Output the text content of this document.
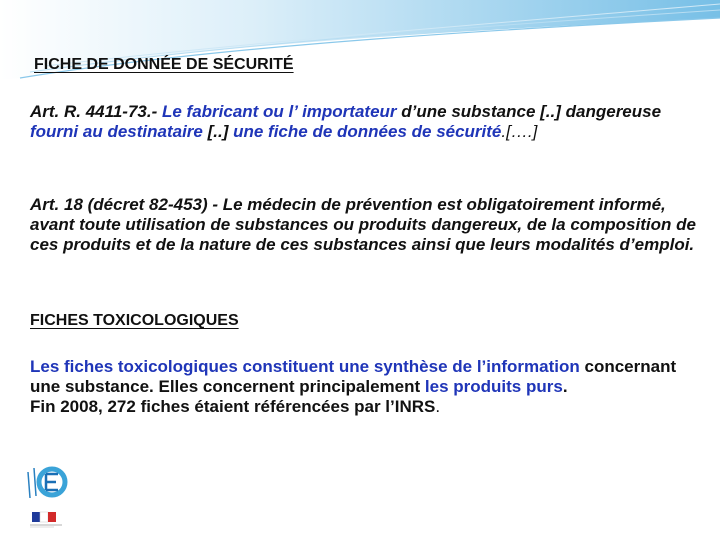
FICHE DE DONNÉE DE SÉCURITÉ
Art. R. 4411-73.- Le fabricant ou l’ importateur d’une substance [..] dangereuse fourni au destinataire [..] une fiche de données de sécurité.[….]
Art. 18 (décret 82-453) - Le médecin de prévention est obligatoirement informé, avant toute utilisation de substances ou produits dangereux, de la composition de ces produits et de la nature de ces substances ainsi que leurs modalités d’emploi.
FICHES TOXICOLOGIQUES
Les fiches toxicologiques constituent une synthèse de l’information concernant une substance. Elles concernent principalement les produits purs.
Fin 2008, 272 fiches étaient référencées par l’INRS.
